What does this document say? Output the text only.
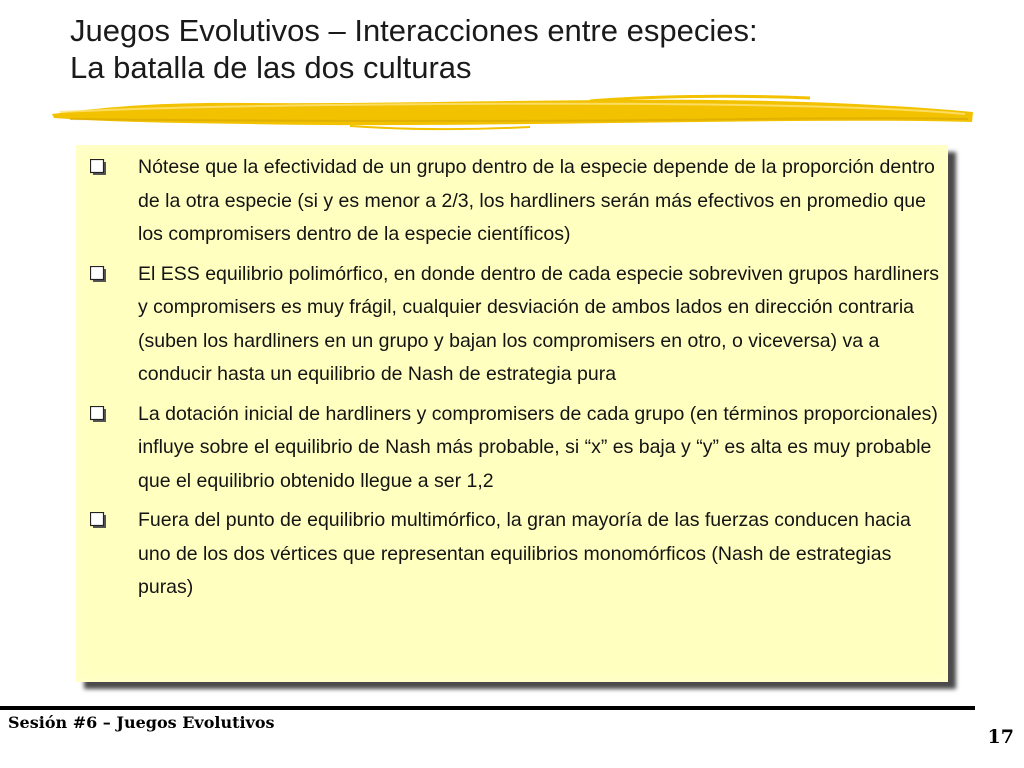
Juegos Evolutivos – Interacciones entre especies:
La batalla de las dos culturas
Nótese que la efectividad de un grupo dentro de la especie depende de la proporción dentro de la otra especie (si y es menor a 2/3, los hardliners serán más efectivos en promedio que los compromisers dentro de la especie científicos)
El ESS equilibrio polimórfico, en donde dentro de cada especie sobreviven grupos hardliners y compromisers es muy frágil, cualquier desviación de ambos lados en dirección contraria (suben los hardliners en un grupo y bajan los compromisers en otro, o viceversa) va a conducir hasta un equilibrio de Nash de estrategia pura
La dotación inicial de hardliners y compromisers de cada grupo (en términos proporcionales) influye sobre el equilibrio de Nash más probable, si “x” es baja y “y” es alta es muy probable que el equilibrio obtenido llegue a ser 1,2
Fuera del punto de equilibrio multimórfico, la gran mayoría de las fuerzas conducen hacia uno de los dos vértices que representan equilibrios monomórficos (Nash de estrategias puras)
Sesión #6 – Juegos Evolutivos
17
